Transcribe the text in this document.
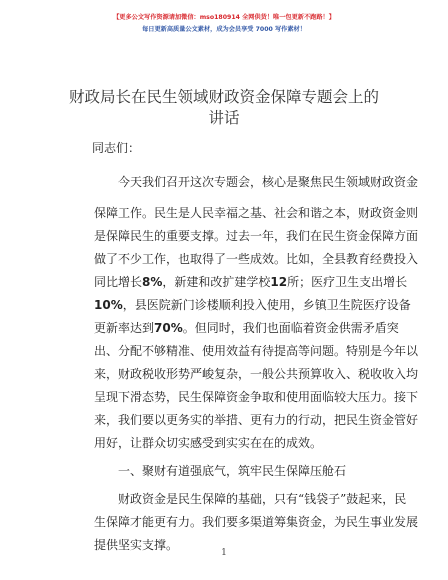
【更多公文写作资源请加微信：mso180914 全网供货！唯一包更新不跑路！】
每日更新高质量公文素材，成为会员享受 7000 写作素材！
财政局长在民生领域财政资金保障专题会上的
讲话
同志们：
今天我们召开这次专题会，核心是聚焦民生领域财政资金
保障工作。民生是人民幸福之基、社会和谐之本，财政资金则
是保障民生的重要支撑。过去一年，我们在民生资金保障方面
做了不少工作，也取得了一些成效。比如，全县教育经费投入
同比增长8%，新建和改扩建学校12所；医疗卫生支出增长
10%，县医院新门诊楼顺利投入使用，乡镇卫生院医疗设备
更新率达到70%。但同时，我们也面临着资金供需矛盾突
出、分配不够精准、使用效益有待提高等问题。特别是今年以
来，财政税收形势严峻复杂，一般公共预算收入、税收收入均
呈现下滑态势，民生保障资金争取和使用面临较大压力。接下
来，我们要以更务实的举措、更有力的行动，把民生资金管好
用好，让群众切实感受到实实在在的成效。
一、聚财有道强底气，筑牢民生保障压舱石
财政资金是民生保障的基础，只有“钱袋子”鼓起来，民
生保障才能更有力。我们要多渠道筹集资金，为民生事业发展
提供坚实支撑。
1
